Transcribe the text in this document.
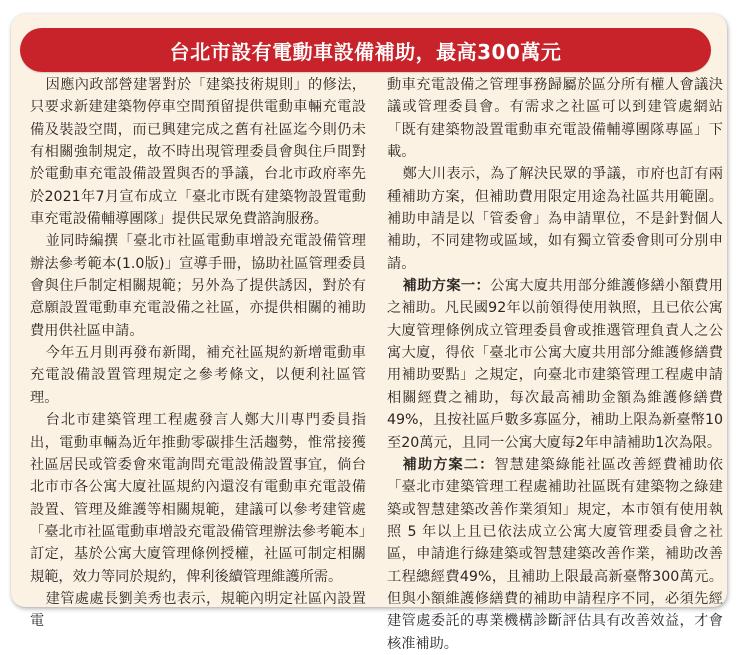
台北市設有電動車設備補助，最高300萬元

因應內政部營建署對於「建築技術規則」的修法，只要求新建建築物停車空間預留提供電動車輛充電設備及裝設空間，而已興建完成之舊有社區迄今則仍未有相關強制規定，故不時出現管理委員會與住戶間對於電動車充電設備設置與否的爭議，台北市政府率先於2021年7月宣布成立「臺北市既有建築物設置電動車充電設備輔導團隊」提供民眾免費諮詢服務。

並同時編撰「臺北市社區電動車增設充電設備管理辦法參考範本(1.0版)」宣導手冊，協助社區管理委員會與住戶制定相關規範；另外為了提供誘因，對於有意願設置電動車充電設備之社區，亦提供相關的補助費用供社區申請。

今年五月則再發布新聞，補充社區規約新增電動車充電設備設置管理規定之參考條文，以便利社區管理。

台北市建築管理工程處發言人鄭大川專門委員指出，電動車輛為近年推動零碳排生活趨勢，惟常接獲社區居民或管委會來電詢問充電設備設置事宜，倘台北市市各公寓大廈社區規約內還沒有電動車充電設備設置、管理及維護等相關規範，建議可以參考建管處「臺北市社區電動車增設充電設備管理辦法參考範本」訂定，基於公寓大廈管理條例授權，社區可制定相關規範，效力等同於規約，俾利後續管理維護所需。

建管處處長劉美秀也表示，規範內明定社區內設置電

動車充電設備之管理事務歸屬於區分所有權人會議決議或管理委員會。有需求之社區可以到建管處網站「既有建築物設置電動車充電設備輔導團隊專區」下載。

鄭大川表示，為了解決民眾的爭議，市府也訂有兩種補助方案，但補助費用限定用途為社區共用範圍。補助申請是以「管委會」為申請單位，不是針對個人補助，不同建物或區域，如有獨立管委會則可分別申請。

補助方案一：公寓大廈共用部分維護修繕小額費用之補助。凡民國92年以前領得使用執照，且已依公寓大廈管理條例成立管理委員會或推選管理負責人之公寓大廈，得依「臺北市公寓大廈共用部分維護修繕費用補助要點」之規定，向臺北市建築管理工程處申請相關經費之補助，每次最高補助金額為維護修繕費49%，且按社區戶數多寡區分，補助上限為新臺幣10至20萬元，且同一公寓大廈每2年申請補助1次為限。

補助方案二：智慧建築綠能社區改善經費補助依「臺北市建築管理工程處補助社區既有建築物之綠建築或智慧建築改善作業須知」規定，本市領有使用執照 5 年以上且已依法成立公寓大廈管理委員會之社區，申請進行綠建築或智慧建築改善作業，補助改善工程總經費49%，且補助上限最高新臺幣300萬元。但與小額維護修繕費的補助申請程序不同，必須先經建管處委託的專業機構診斷評估具有改善效益，才會核准補助。
